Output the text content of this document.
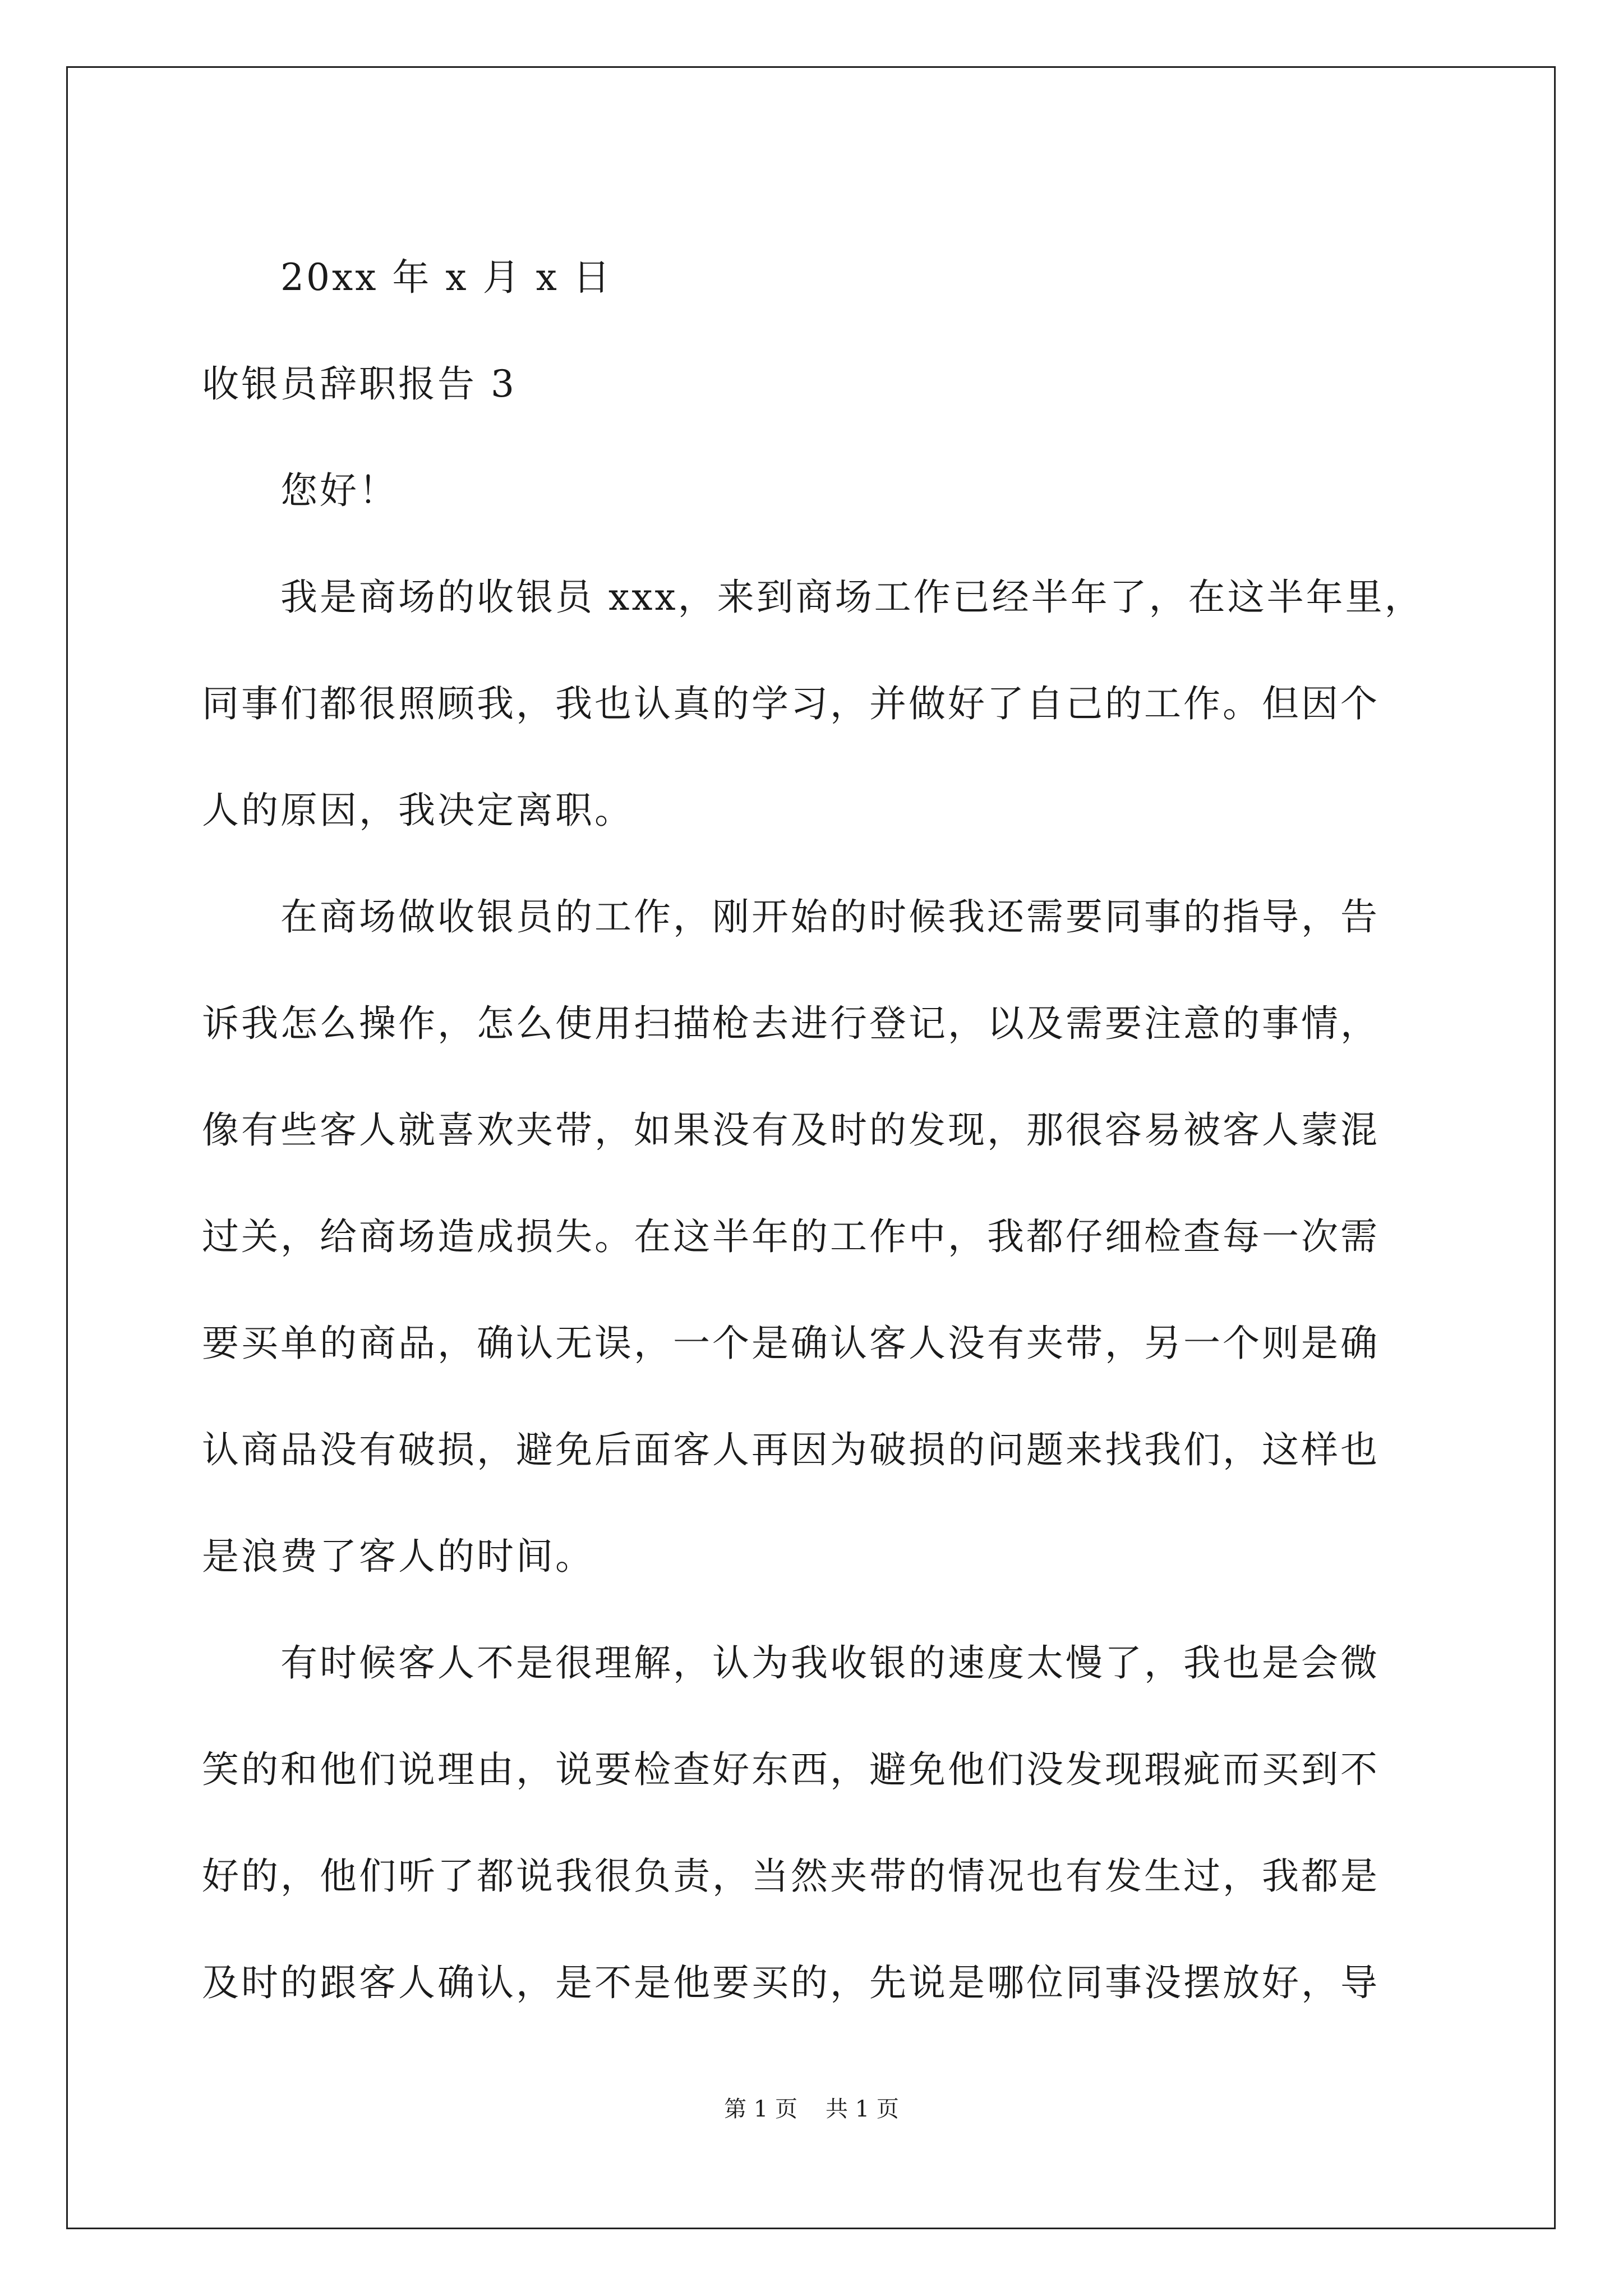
20xx 年 x 月 x 日
收银员辞职报告 3
您好！
我是商场的收银员 xxx，来到商场工作已经半年了，在这半年里，
同事们都很照顾我，我也认真的学习，并做好了自己的工作。但因个
人的原因，我决定离职。
在商场做收银员的工作，刚开始的时候我还需要同事的指导，告
诉我怎么操作，怎么使用扫描枪去进行登记，以及需要注意的事情，
像有些客人就喜欢夹带，如果没有及时的发现，那很容易被客人蒙混
过关，给商场造成损失。在这半年的工作中，我都仔细检查每一次需
要买单的商品，确认无误，一个是确认客人没有夹带，另一个则是确
认商品没有破损，避免后面客人再因为破损的问题来找我们，这样也
是浪费了客人的时间。
有时候客人不是很理解，认为我收银的速度太慢了，我也是会微
笑的和他们说理由，说要检查好东西，避免他们没发现瑕疵而买到不
好的，他们听了都说我很负责，当然夹带的情况也有发生过，我都是
及时的跟客人确认，是不是他要买的，先说是哪位同事没摆放好，导
第 1 页 共 1 页
